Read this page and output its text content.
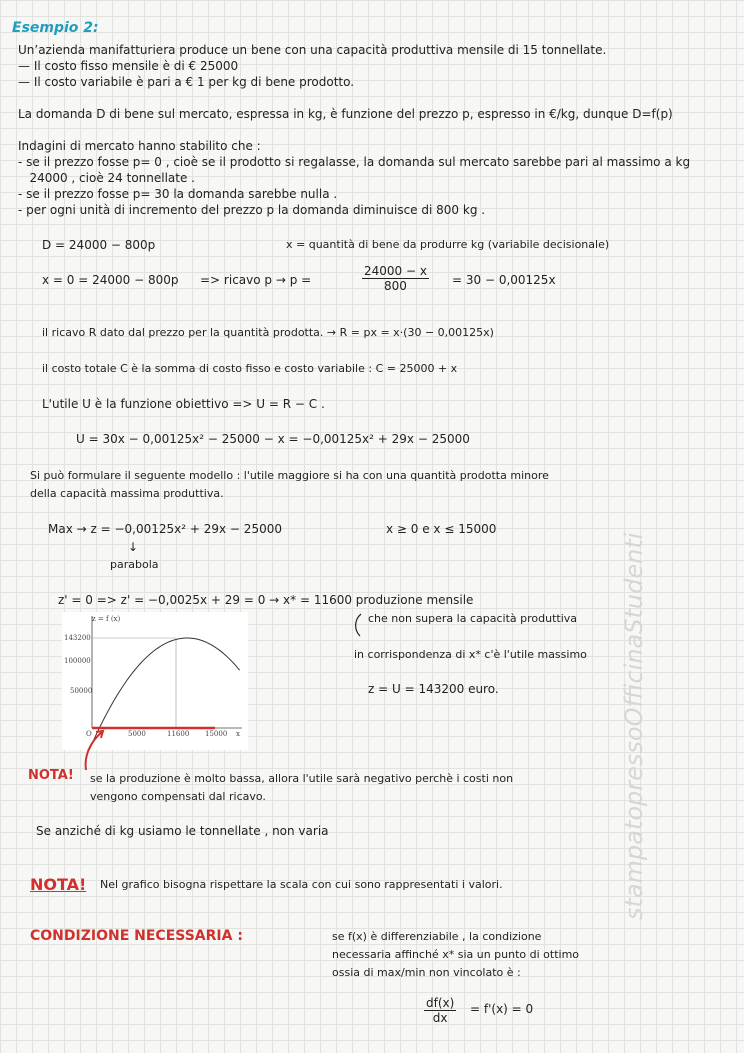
Esempio 2:
Un’azienda manifatturiera produce un bene con una capacità produttiva mensile di 15 tonnellate.
— Il costo fisso mensile è di € 25000
— Il costo variabile è pari a € 1 per kg di bene prodotto.
La domanda D di bene sul mercato, espressa in kg, è funzione del prezzo p, espresso in €/kg, dunque D=f(p)
Indagini di mercato hanno stabilito che :
- se il prezzo fosse p= 0 , cioè se il prodotto si regalasse, la domanda sul mercato sarebbe pari al massimo a kg
24000 , cioè 24 tonnellate .
- se il prezzo fosse p= 30 la domanda sarebbe nulla .
- per ogni unità di incremento del prezzo p la domanda diminuisce di 800 kg .
D = 24000 − 800p	x = quantità di bene da produrre kg (variabile decisionale)
x = 0 = 24000 − 800p => ricavo p → p =	$\frac{24000 - x}{800} = 30 - 0,00125x$
il ricavo R dato dal prezzo per la quantità prodotta. → R = px = x·(30 − 0,00125x)
il costo totale C è la somma di costo fisso e costo variabile : C = 25000 + x
L'utile U è la funzione obiettivo => U = R − C .
U = 30x − 0,00125x² − 25000 − x = −0,00125x² + 29x − 25000
Si può formulare il seguente modello : l'utile maggiore si ha con una quantità prodotta minore
della capacità massima produttiva.
Max → z = −0,00125x² + 29x − 25000	x ≥ 0 e x ≤ 15000
↓
parabola
z' = 0 => z' = −0,0025x + 29 = 0 → x* = 11600 produzione mensile
che non supera la capacità produttiva
in corrispondenza di x* c'è l'utile massimo
z = U = 143200 euro.
z = f (x)
143200
100000
50000
O	5000	11600 15000 x
NOTA! se la produzione è molto bassa, allora l'utile sarà negativo perchè i costi non
vengono compensati dal ricavo.
Se anziché di kg usiamo le tonnellate , non varia
NOTA! Nel grafico bisogna rispettare la scala con cui sono rappresentati i valori.
CONDIZIONE NECESSARIA :	se f(x) è differenziabile , la condizione
necessaria affinché x* sia un punto di ottimo
ossia di max/min non vincolato è :
$\frac{df(x)}{dx} = f'(x) = 0$
stampatopressoOfficinaStudenti
